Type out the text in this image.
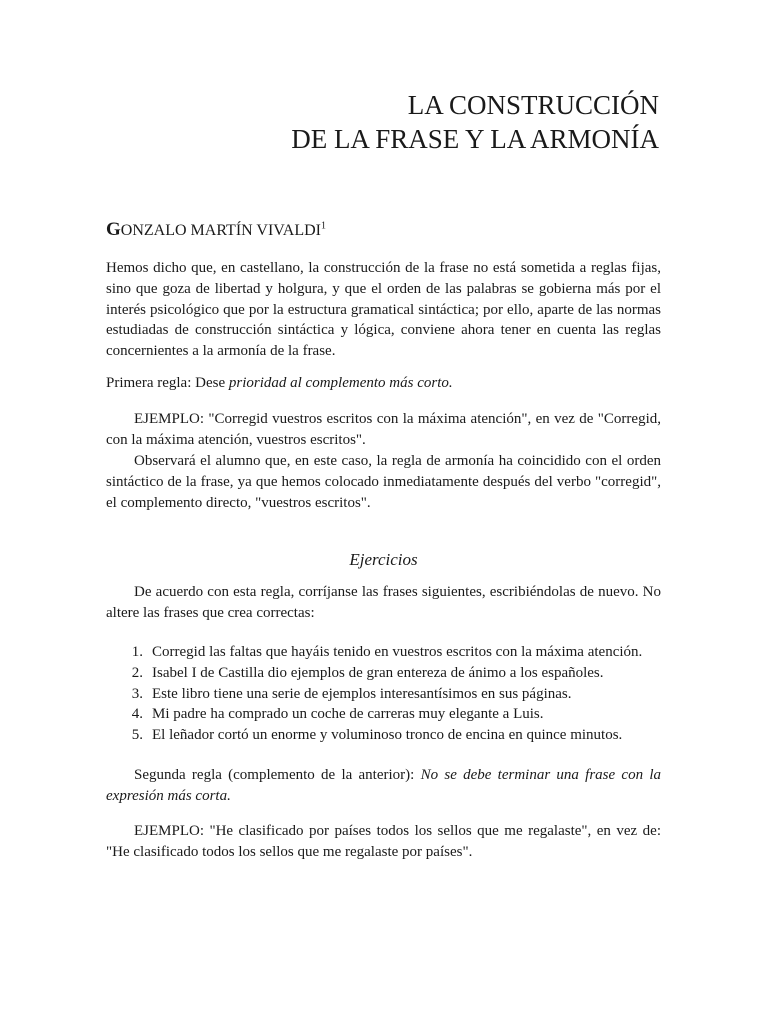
LA CONSTRUCCIÓN
DE LA FRASE Y LA ARMONÍA
GONZALO MARTÍN VIVALDI$^1$

Hemos dicho que, en castellano, la construcción de la frase no está sometida a reglas fijas, sino que goza de libertad y holgura, y que el orden de las palabras se gobierna más por el interés psicológico que por la estructura gramatical sintáctica; por ello, aparte de las normas estudiadas de construcción sintáctica y lógica, conviene ahora tener en cuenta las reglas concernientes a la armonía de la frase.

Primera regla: Dese prioridad al complemento más corto.

EJEMPLO: "Corregid vuestros escritos con la máxima atención", en vez de "Corregid, con la máxima atención, vuestros escritos".

Observará el alumno que, en este caso, la regla de armonía ha coincidido con el orden sintáctico de la frase, ya que hemos colocado inmediatamente después del verbo "corregid", el complemento directo, "vuestros escritos".

Ejercicios

De acuerdo con esta regla, corríjanse las frases siguientes, escribiéndolas de nuevo. No altere las frases que crea correctas:

1. Corregid las faltas que hayáis tenido en vuestros escritos con la máxima atención.
2. Isabel I de Castilla dio ejemplos de gran entereza de ánimo a los españoles.
3. Este libro tiene una serie de ejemplos interesantísimos en sus páginas.
4. Mi padre ha comprado un coche de carreras muy elegante a Luis.
5. El leñador cortó un enorme y voluminoso tronco de encina en quince minutos.

Segunda regla (complemento de la anterior): No se debe terminar una frase con la expresión más corta.

EJEMPLO: "He clasificado por países todos los sellos que me regalaste", en vez de: "He clasificado todos los sellos que me regalaste por países".
